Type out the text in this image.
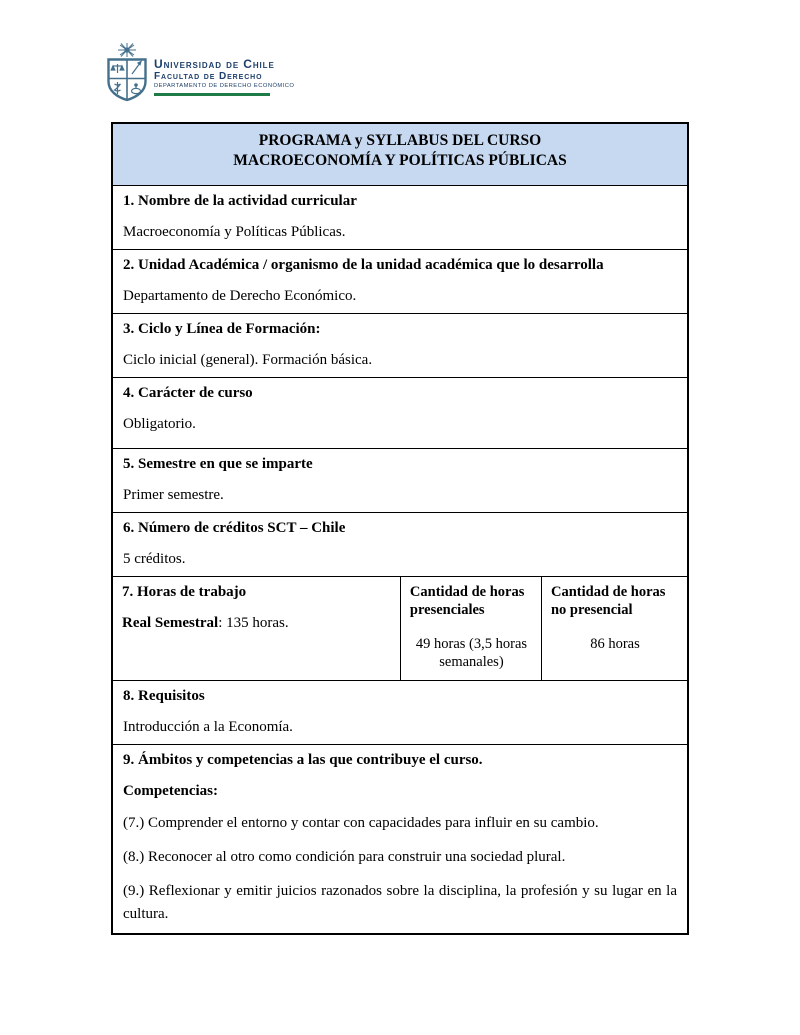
Universidad de Chile
Facultad de Derecho
DEPARTAMENTO DE DERECHO ECONÓMICO
PROGRAMA y SYLLABUS DEL CURSO
MACROECONOMÍA Y POLÍTICAS PÚBLICAS

1. Nombre de la actividad curricular

Macroeconomía y Políticas Públicas.

2. Unidad Académica / organismo de la unidad académica que lo desarrolla

Departamento de Derecho Económico.

3. Ciclo y Línea de Formación:

Ciclo inicial (general). Formación básica.

4. Carácter de curso

Obligatorio.

5. Semestre en que se imparte

Primer semestre.

6. Número de créditos SCT – Chile

5 créditos.

7. Horas de trabajo

Real Semestral: 135 horas.

Cantidad de horas presenciales

49 horas (3,5 horas semanales)

Cantidad de horas no presencial

86 horas

8. Requisitos

Introducción a la Economía.

9. Ámbitos y competencias a las que contribuye el curso.

Competencias:

(7.) Comprender el entorno y contar con capacidades para influir en su cambio.

(8.) Reconocer al otro como condición para construir una sociedad plural.

(9.) Reflexionar y emitir juicios razonados sobre la disciplina, la profesión y su lugar en la cultura.
